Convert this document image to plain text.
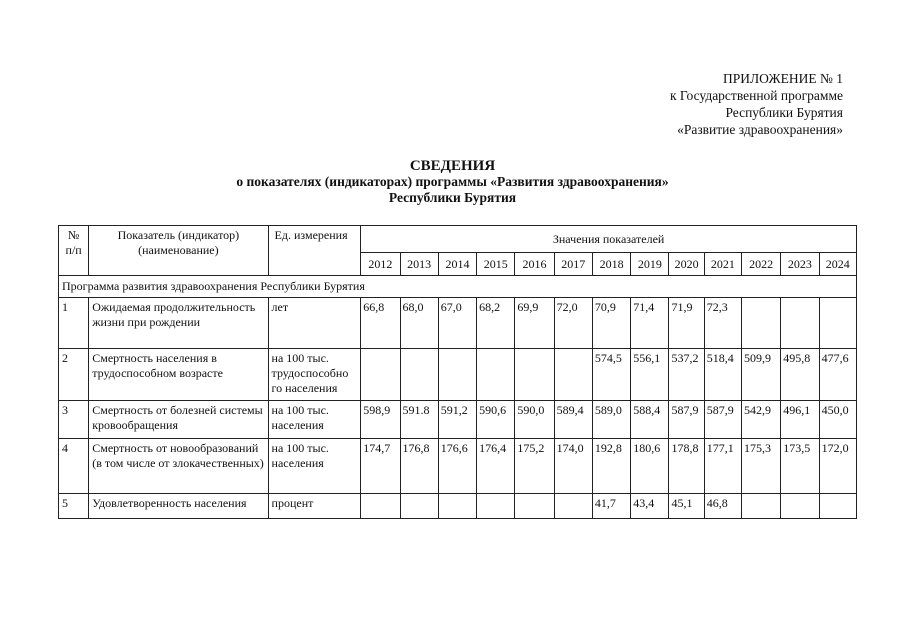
ПРИЛОЖЕНИЕ № 1
к Государственной программе
Республики Бурятия
«Развитие здравоохранения»
СВЕДЕНИЯ
о показателях (индикаторах) программы «Развития здравоохранения»
Республики Бурятия
№ п/п	Показатель (индикатор) (наименование)	Ед. измерения	Значения показателей												
			2012	2013	2014	2015	2016	2017	2018	2019	2020	2021	2022	2023	2024
Программа развития здравоохранения Республики Бурятия															
1	Ожидаемая продолжительность жизни при рождении	лет	66,8	68,0	67,0	68,2	69,9	72,0	70,9	71,4	71,9	72,3			
2	Смертность населения в трудоспособном возрасте	на 100 тыс. трудоспособно го населения							574,5	556,1	537,2	518,4	509,9	495,8	477,6
3	Смертность от болезней системы кровообращения	на 100 тыс. населения	598,9	591.8	591,2	590,6	590,0	589,4	589,0	588,4	587,9	587,9	542,9	496,1	450,0
4	Смертность от новообразований (в том числе от злокачественных)	на 100 тыс. населения	174,7	176,8	176,6	176,4	175,2	174,0	192,8	180,6	178,8	177,1	175,3	173,5	172,0
5	Удовлетворенность населения	процент							41,7	43,4	45,1	46,8			
